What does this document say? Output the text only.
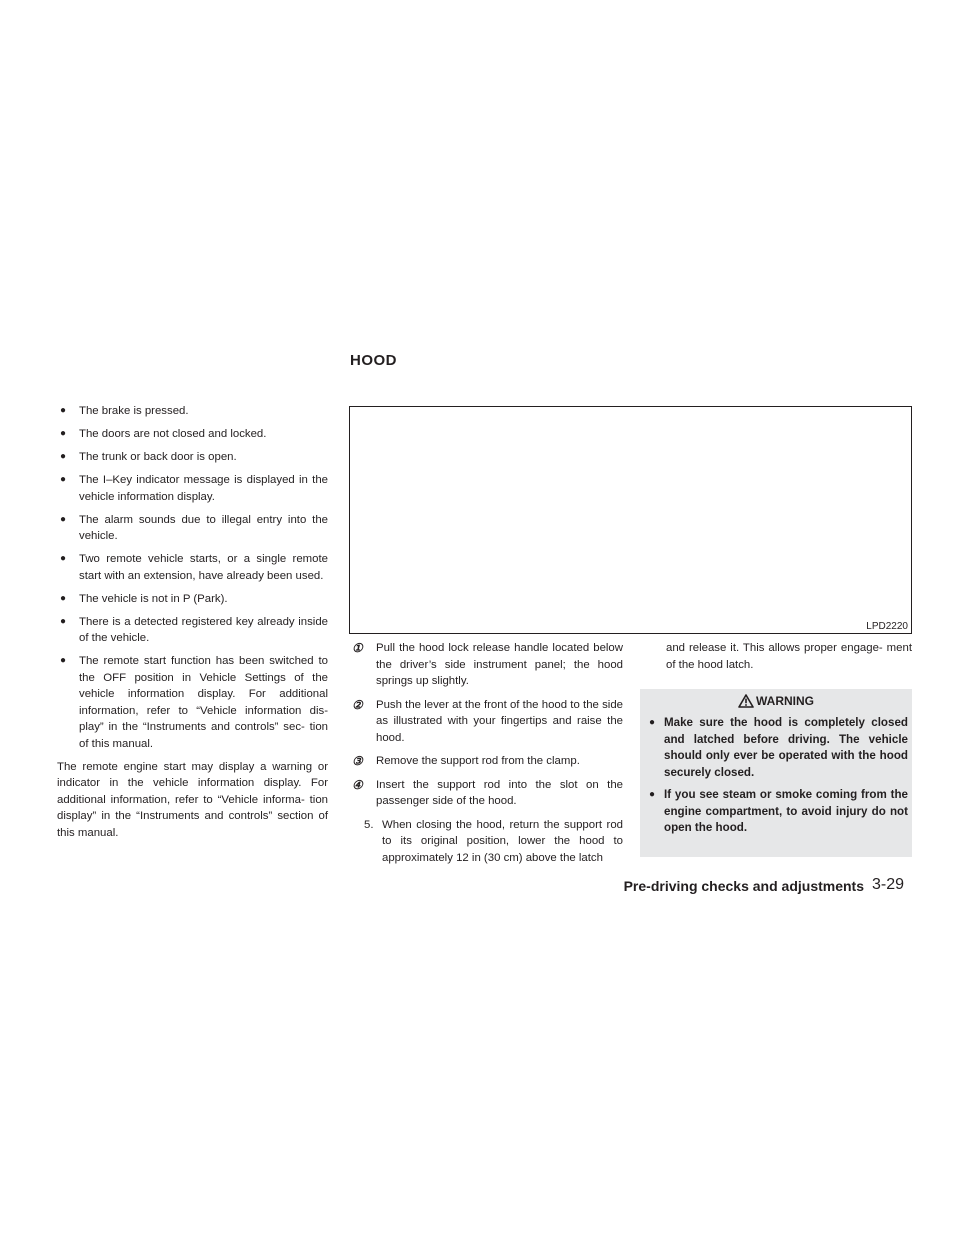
HOOD
● The brake is pressed.
● The doors are not closed and locked.
● The trunk or back door is open.
● The I–Key indicator message is displayed in the vehicle information display.
● The alarm sounds due to illegal entry into the vehicle.
● Two remote vehicle starts, or a single remote start with an extension, have already been used.
● The vehicle is not in P (Park).
● There is a detected registered key already inside of the vehicle.
● The remote start function has been switched to the OFF position in Vehicle Settings of the vehicle information display. For additional information, refer to “Vehicle information dis- play” in the “Instruments and controls” sec- tion of this manual.
The remote engine start may display a warning or indicator in the vehicle information display. For additional information, refer to “Vehicle informa- tion display” in the “Instruments and controls” section of this manual.
LPD2220
① Pull the hood lock release handle located below the driver’s side instrument panel; the hood springs up slightly.
② Push the lever at the front of the hood to the side as illustrated with your fingertips and raise the hood.
③ Remove the support rod from the clamp.
④ Insert the support rod into the slot on the passenger side of the hood.
5. When closing the hood, return the support rod to its original position, lower the hood to approximately 12 in (30 cm) above the latch
and release it. This allows proper engage- ment of the hood latch.
WARNING
● Make sure the hood is completely closed and latched before driving. The vehicle should only ever be operated with the hood securely closed.
● If you see steam or smoke coming from the engine compartment, to avoid injury do not open the hood.
Pre-driving checks and adjustments 3-29
